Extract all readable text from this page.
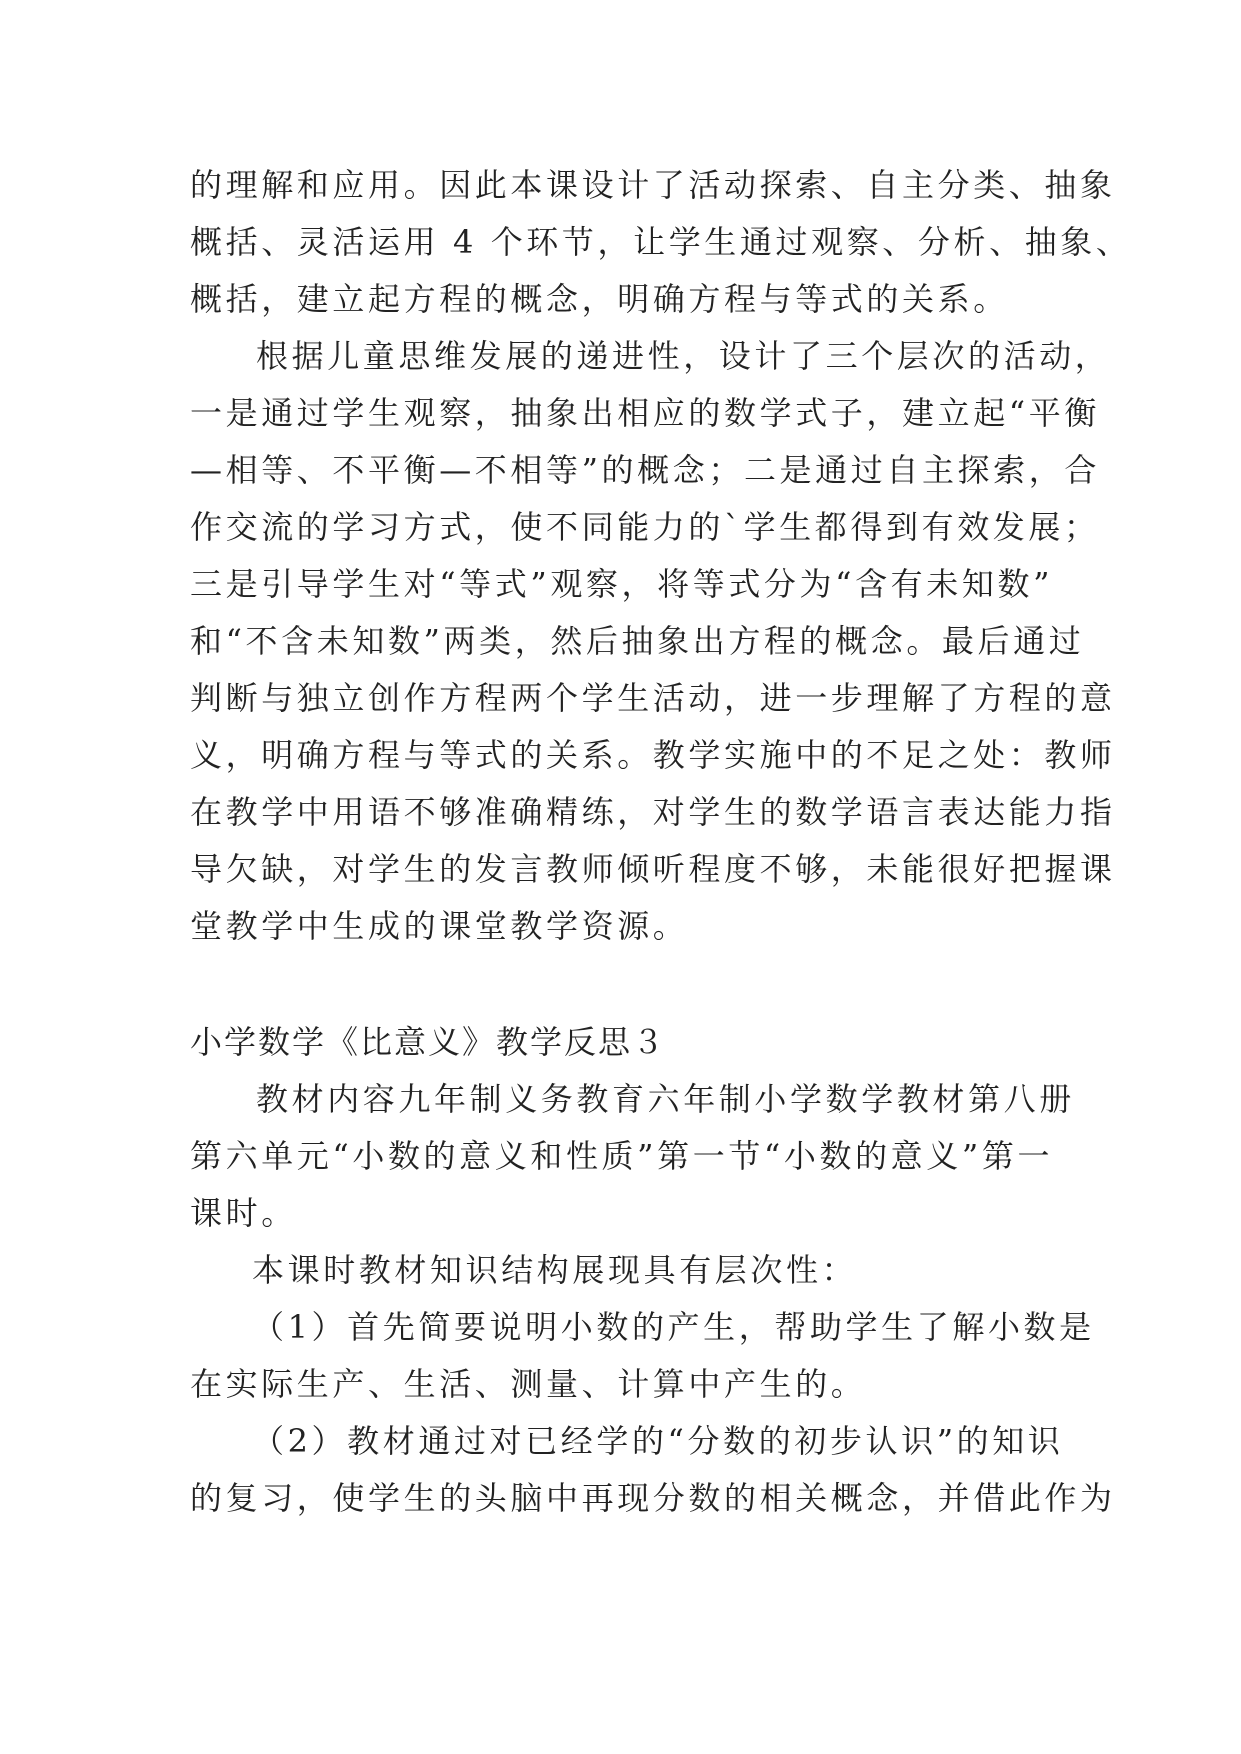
的理解和应用。因此本课设计了活动探索、自主分类、抽象

概括、灵活运用 4 个环节，让学生通过观察、分析、抽象、

概括，建立起方程的概念，明确方程与等式的关系。

根据儿童思维发展的递进性，设计了三个层次的活动，

一是通过学生观察，抽象出相应的数学式子，建立起“平衡

—相等、不平衡—不相等”的概念；二是通过自主探索，合

作交流的学习方式，使不同能力的`学生都得到有效发展；

三是引导学生对“等式”观察，将等式分为“含有未知数”

和“不含未知数”两类，然后抽象出方程的概念。最后通过

判断与独立创作方程两个学生活动，进一步理解了方程的意

义，明确方程与等式的关系。教学实施中的不足之处：教师

在教学中用语不够准确精练，对学生的数学语言表达能力指

导欠缺，对学生的发言教师倾听程度不够，未能很好把握课

堂教学中生成的课堂教学资源。

小学数学《比意义》教学反思３

教材内容九年制义务教育六年制小学数学教材第八册

第六单元“小数的意义和性质”第一节“小数的意义”第一

课时。

本课时教材知识结构展现具有层次性：

（1）首先简要说明小数的产生，帮助学生了解小数是

在实际生产、生活、测量、计算中产生的。

（2）教材通过对已经学的“分数的初步认识”的知识

的复习，使学生的头脑中再现分数的相关概念，并借此作为
